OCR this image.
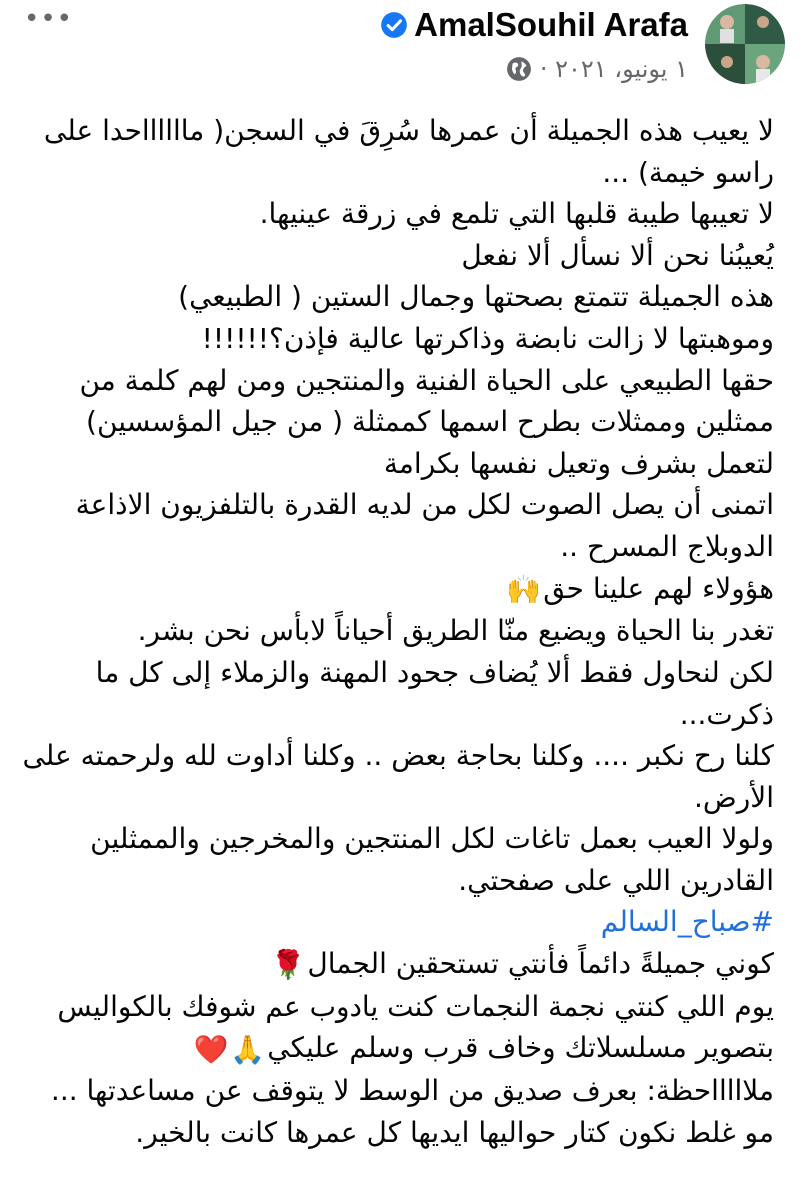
•••	AmalSouhil Arafa
١ يونيو، ٢٠٢١ ·
لا يعيب هذه الجميلة أن عمرها سُرِقَ في السجن( مااااااحدا على راسو خيمة) ...
لا تعيبها طيبة قلبها التي تلمع في زرقة عينيها.
يُعيبُنا نحن ألا نسأل ألا نفعل
هذه الجميلة تتمتع بصحتها وجمال الستين ( الطبيعي)
وموهبتها لا زالت نابضة وذاكرتها عالية فإذن؟!!!!!!
حقها الطبيعي على الحياة الفنية والمنتجين ومن لهم كلمة من ممثلين وممثلات بطرح اسمها كممثلة ( من جيل المؤسسين)
لتعمل بشرف وتعيل نفسها بكرامة
اتمنى أن يصل الصوت لكل من لديه القدرة بالتلفزيون الاذاعة الدوبلاج المسرح ..
هؤولاء لهم علينا حق🙌
تغدر بنا الحياة ويضيع منّا الطريق أحياناً لابأس نحن بشر.
لكن لنحاول فقط ألا يُضاف جحود المهنة والزملاء إلى كل ما ذكرت...
كلنا رح نكبر .... وكلنا بحاجة بعض .. وكلنا أداوت لله ولرحمته على الأرض.
ولولا العيب بعمل تاغات لكل المنتجين والمخرجين والممثلين القادرين اللي على صفحتي.
#صباح_السالم
كوني جميلةً دائماً فأنتي تستحقين الجمال🌹
يوم اللي كنتي نجمة النجمات كنت يادوب عم شوفك بالكواليس بتصوير مسلسلاتك وخاف قرب وسلم عليكي🙏❤️
ملاااااحظة: بعرف صديق من الوسط لا يتوقف عن مساعدتها ... مو غلط نكون كتار حواليها ايديها كل عمرها كانت بالخير.
